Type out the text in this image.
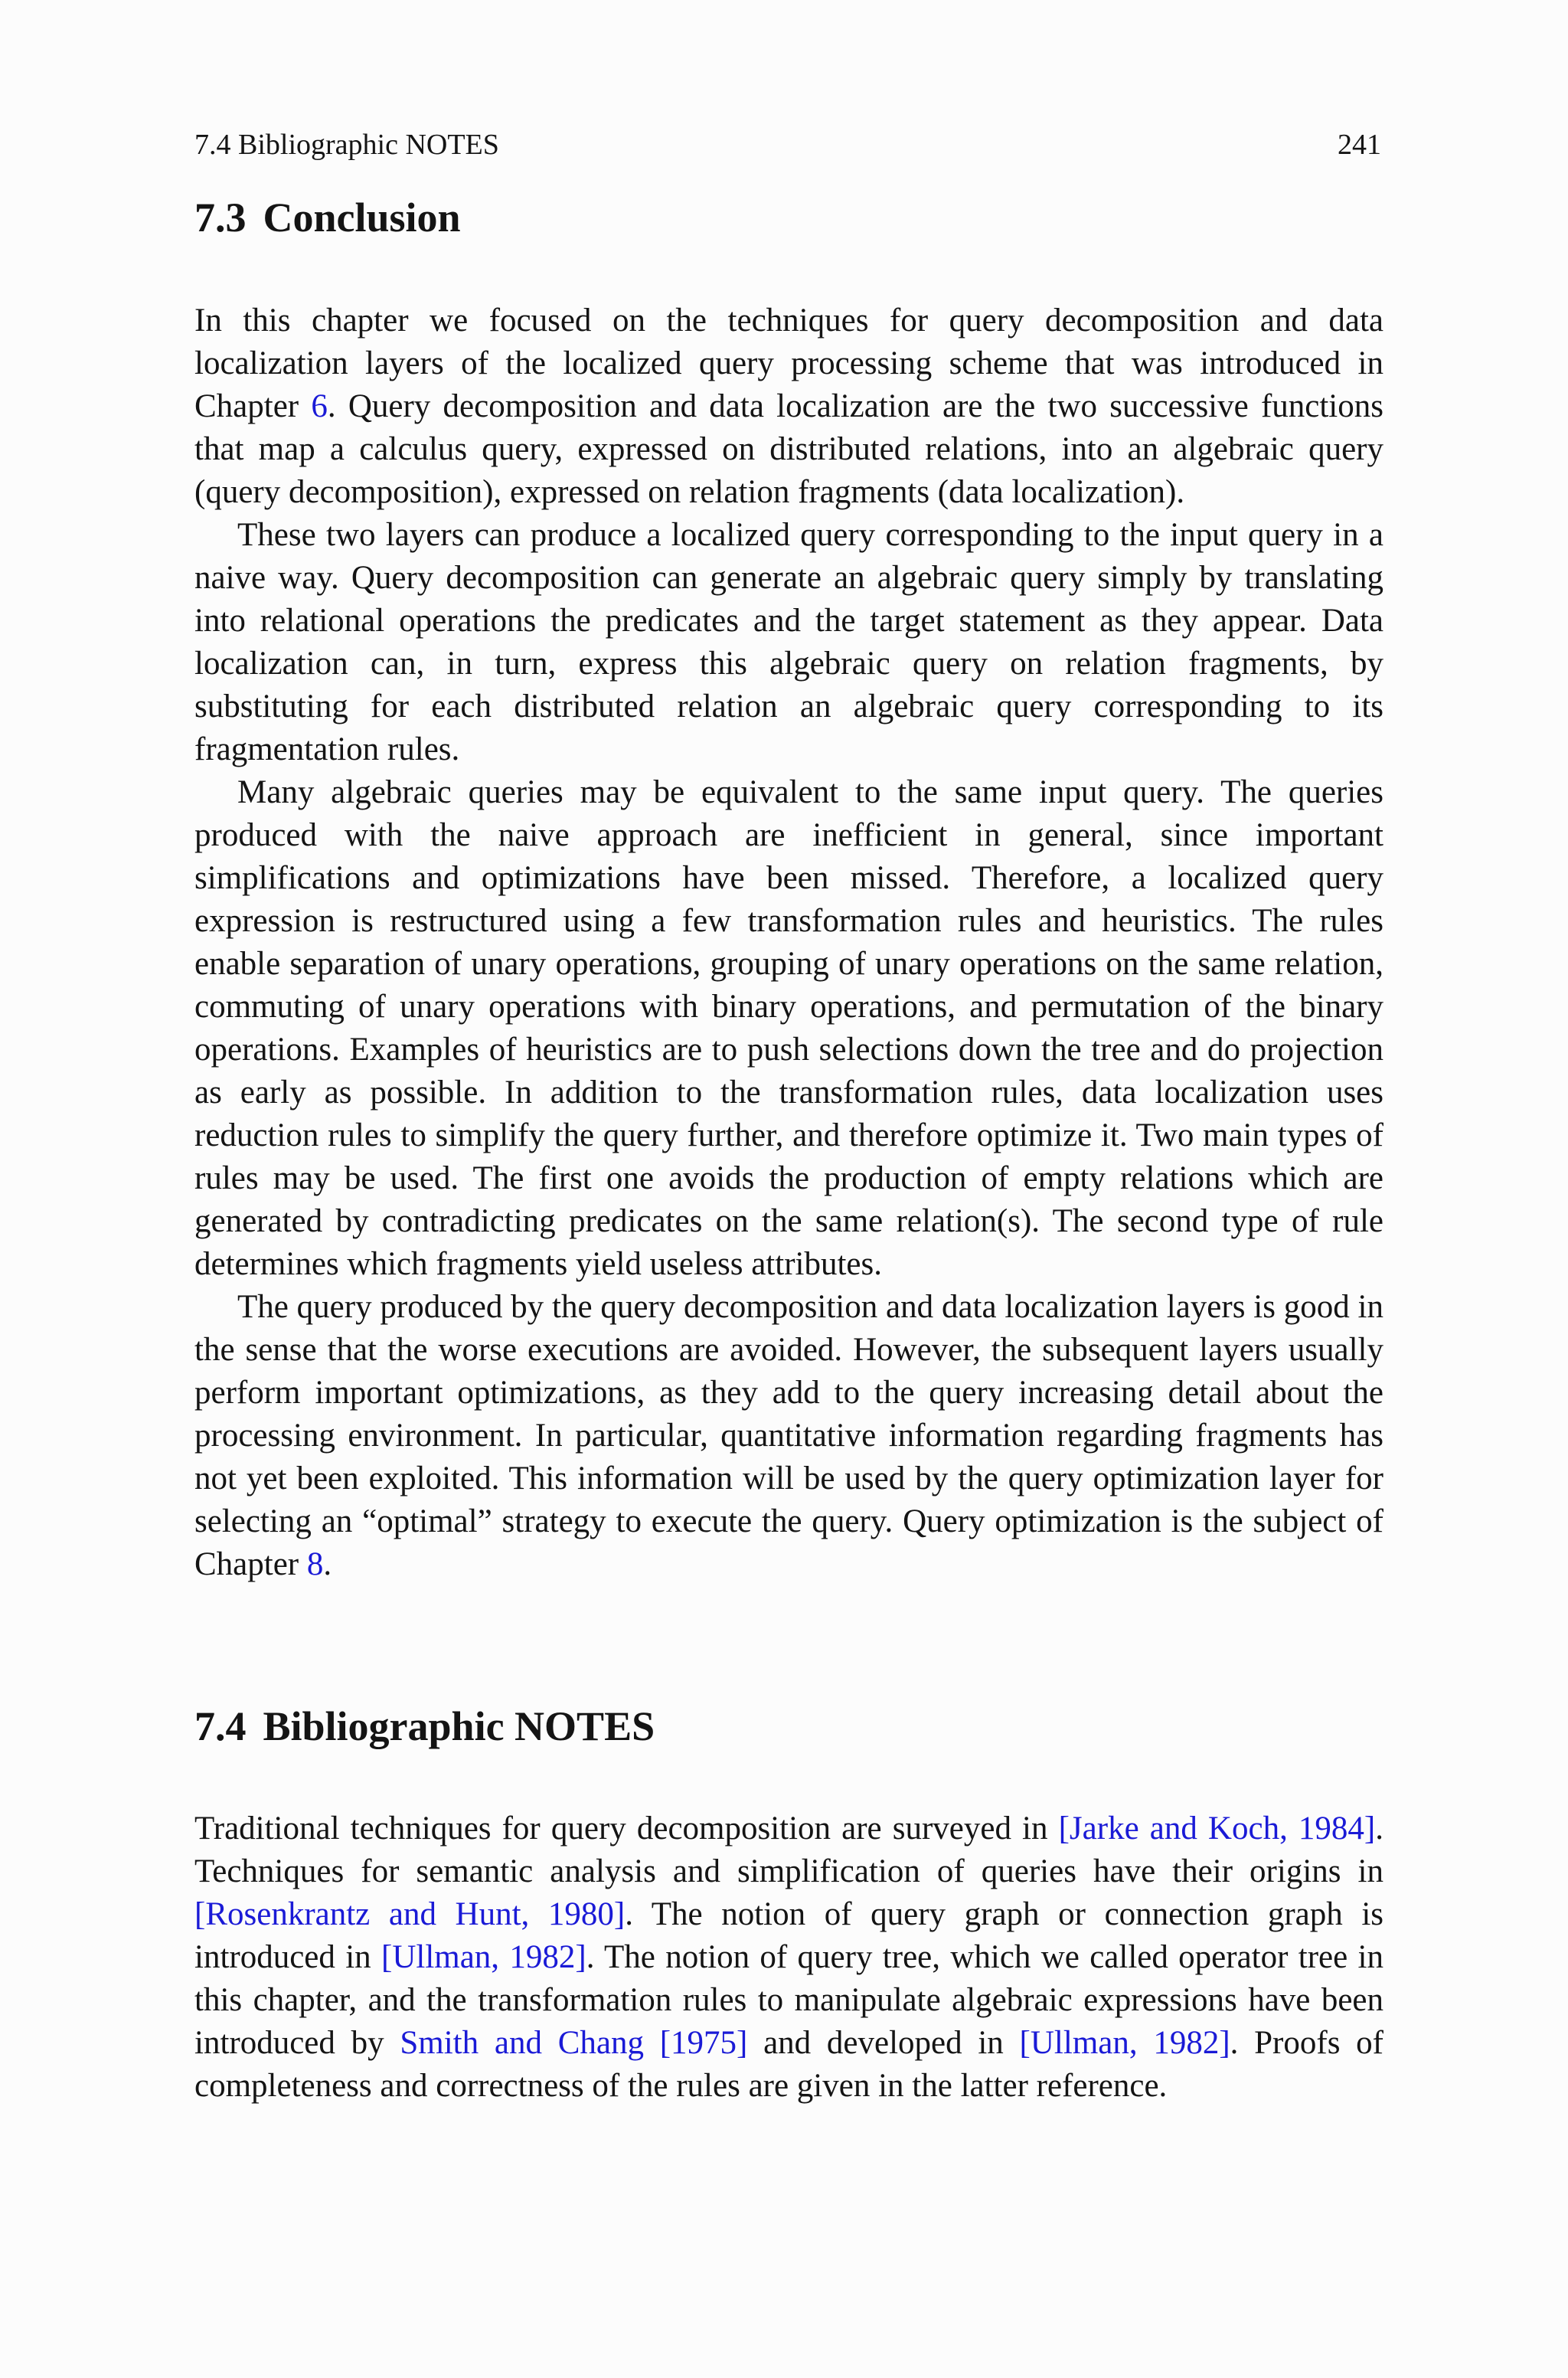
7.4 Bibliographic NOTES	241
7.3 Conclusion

In this chapter we focused on the techniques for query decomposition and data localization layers of the localized query processing scheme that was introduced in Chapter 6. Query decomposition and data localization are the two successive functions that map a calculus query, expressed on distributed relations, into an algebraic query (query decomposition), expressed on relation fragments (data localization).

These two layers can produce a localized query corresponding to the input query in a naive way. Query decomposition can generate an algebraic query simply by translating into relational operations the predicates and the target statement as they appear. Data localization can, in turn, express this algebraic query on relation fragments, by substituting for each distributed relation an algebraic query corresponding to its fragmentation rules.

Many algebraic queries may be equivalent to the same input query. The queries produced with the naive approach are inefficient in general, since important simplifications and optimizations have been missed. Therefore, a localized query expression is restructured using a few transformation rules and heuristics. The rules enable separation of unary operations, grouping of unary operations on the same relation, commuting of unary operations with binary operations, and permutation of the binary operations. Examples of heuristics are to push selections down the tree and do projection as early as possible. In addition to the transformation rules, data localization uses reduction rules to simplify the query further, and therefore optimize it. Two main types of rules may be used. The first one avoids the production of empty relations which are generated by contradicting predicates on the same relation(s). The second type of rule determines which fragments yield useless attributes.

The query produced by the query decomposition and data localization layers is good in the sense that the worse executions are avoided. However, the subsequent layers usually perform important optimizations, as they add to the query increasing detail about the processing environment. In particular, quantitative information regarding fragments has not yet been exploited. This information will be used by the query optimization layer for selecting an “optimal” strategy to execute the query. Query optimization is the subject of Chapter 8.

7.4 Bibliographic NOTES

Traditional techniques for query decomposition are surveyed in [Jarke and Koch, 1984]. Techniques for semantic analysis and simplification of queries have their origins in [Rosenkrantz and Hunt, 1980]. The notion of query graph or connection graph is introduced in [Ullman, 1982]. The notion of query tree, which we called operator tree in this chapter, and the transformation rules to manipulate algebraic expressions have been introduced by Smith and Chang [1975] and developed in [Ullman, 1982]. Proofs of completeness and correctness of the rules are given in the latter reference.
